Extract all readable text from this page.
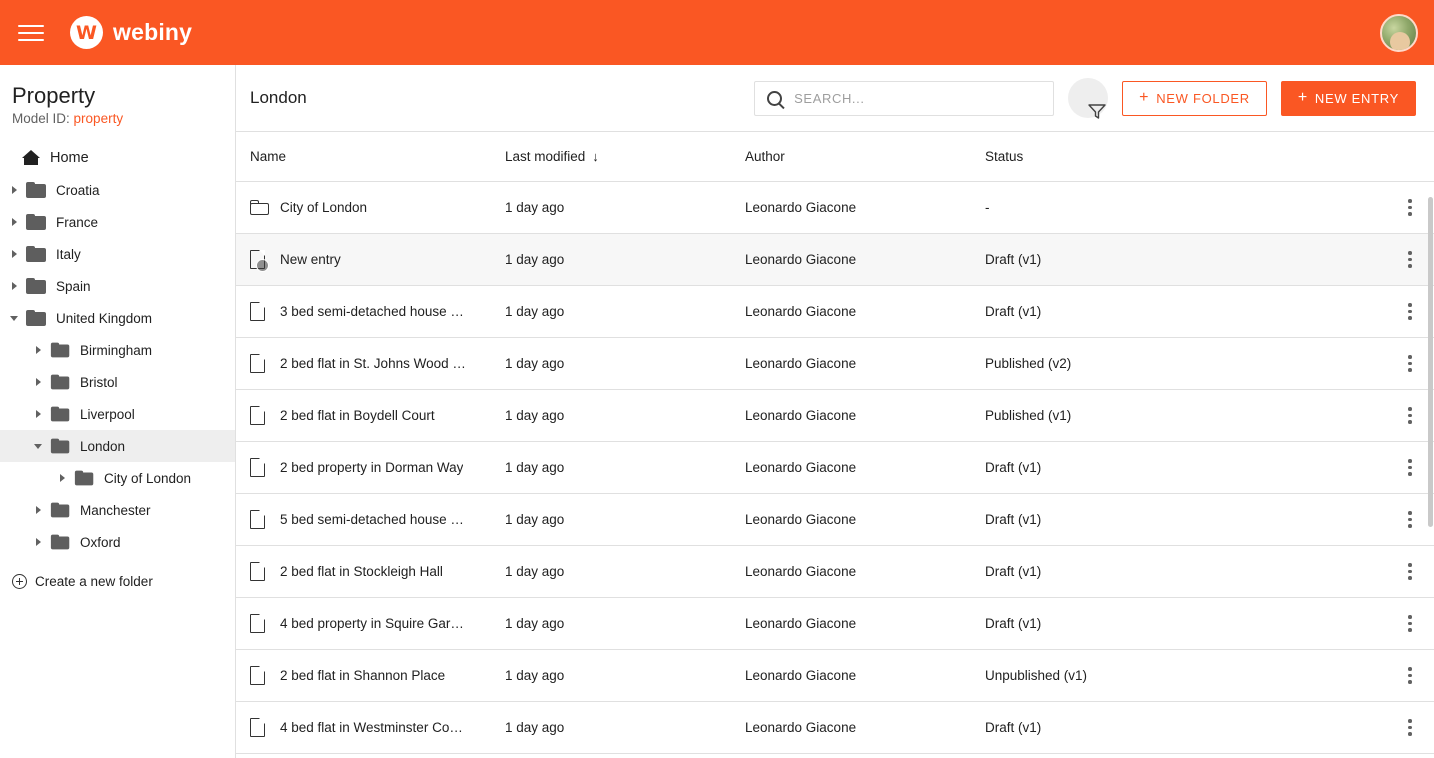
W webiny
Property
Model ID: property
Home
Croatia
France
Italy
Spain
United Kingdom
Birmingham
Bristol
Liverpool
London
City of London
Manchester
Oxford
Create a new folder
London
SEARCH...	+ NEW FOLDER	+ NEW ENTRY
Name	Last modified ↓	Author	Status
City of London	1 day ago	Leonardo Giacone	-
New entry	1 day ago	Leonardo Giacone	Draft (v1)
3 bed semi-detached house …	1 day ago	Leonardo Giacone	Draft (v1)
2 bed flat in St. Johns Wood …	1 day ago	Leonardo Giacone	Published (v2)
2 bed flat in Boydell Court	1 day ago	Leonardo Giacone	Published (v1)
2 bed property in Dorman Way	1 day ago	Leonardo Giacone	Draft (v1)
5 bed semi-detached house …	1 day ago	Leonardo Giacone	Draft (v1)
2 bed flat in Stockleigh Hall	1 day ago	Leonardo Giacone	Draft (v1)
4 bed property in Squire Gar…	1 day ago	Leonardo Giacone	Draft (v1)
2 bed flat in Shannon Place	1 day ago	Leonardo Giacone	Unpublished (v1)
4 bed flat in Westminster Co…	1 day ago	Leonardo Giacone	Draft (v1)
